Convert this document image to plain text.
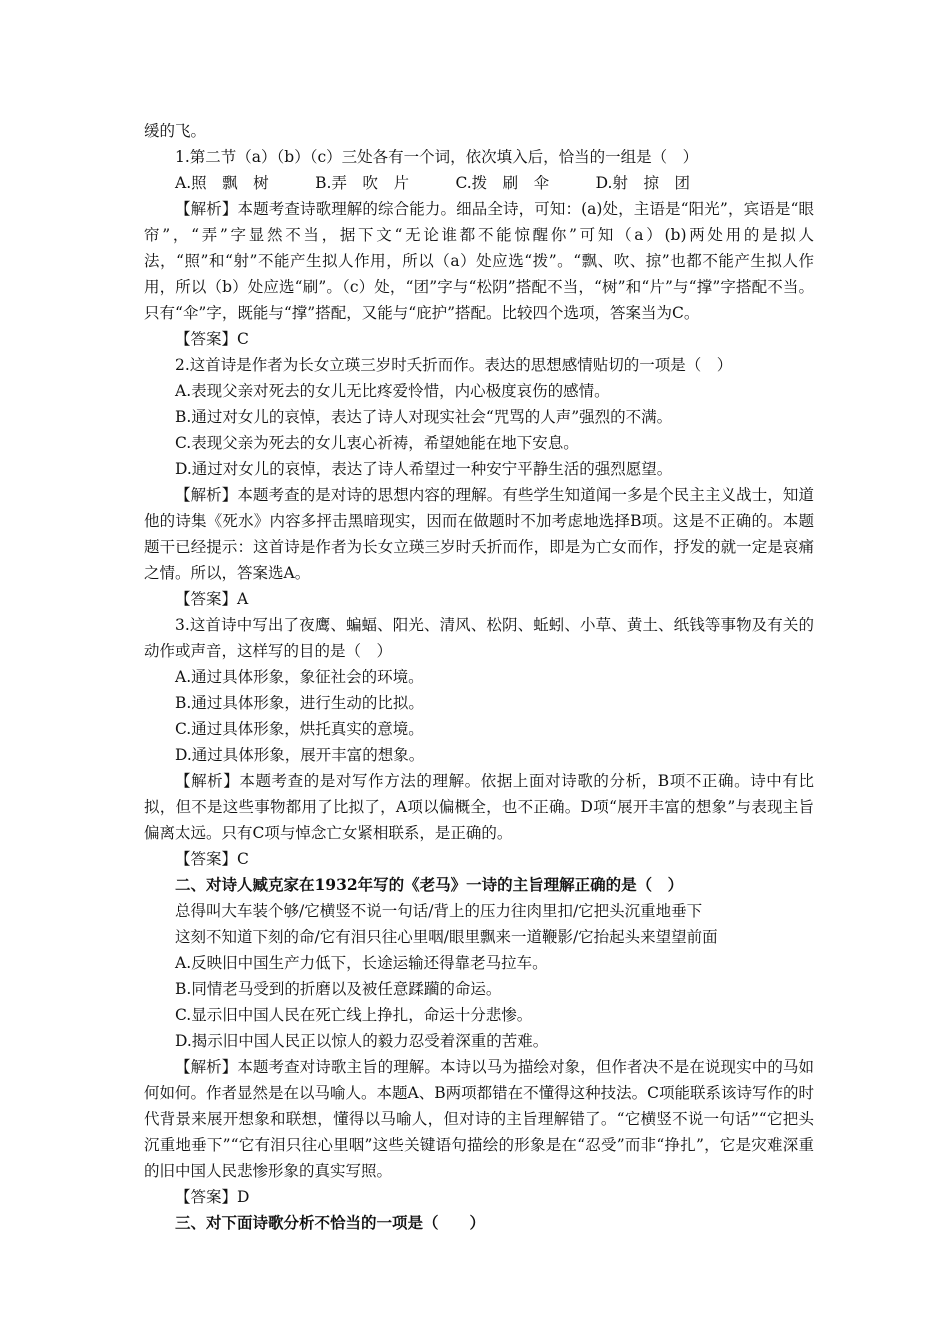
缓的飞。

1.第二节（a）（b）（c）三处各有一个词，依次填入后，恰当的一组是（　）

A.照　飘　树　　　B.弄　吹　片　　　C.拨　刷　伞　　　D.射　掠　团

【解析】本题考查诗歌理解的综合能力。细品全诗，可知：(a)处，主语是“阳光”，宾语是“眼帘”，“弄”字显然不当，据下文“无论谁都不能惊醒你”可知（a）(b)两处用的是拟人法，“照”和“射”不能产生拟人作用，所以（a）处应选“拨”。“飘、吹、掠”也都不能产生拟人作用，所以（b）处应选“刷”。（c）处，“团”字与“松阴”搭配不当，“树”和“片”与“撑”字搭配不当。只有“伞”字，既能与“撑”搭配，又能与“庇护”搭配。比较四个选项，答案当为C。

【答案】C

2.这首诗是作者为长女立瑛三岁时夭折而作。表达的思想感情贴切的一项是（　）

A.表现父亲对死去的女儿无比疼爱怜惜，内心极度哀伤的感情。

B.通过对女儿的哀悼，表达了诗人对现实社会“咒骂的人声”强烈的不满。

C.表现父亲为死去的女儿衷心祈祷，希望她能在地下安息。

D.通过对女儿的哀悼，表达了诗人希望过一种安宁平静生活的强烈愿望。

【解析】本题考查的是对诗的思想内容的理解。有些学生知道闻一多是个民主主义战士，知道他的诗集《死水》内容多抨击黑暗现实，因而在做题时不加考虑地选择B项。这是不正确的。本题题干已经提示：这首诗是作者为长女立瑛三岁时夭折而作，即是为亡女而作，抒发的就一定是哀痛之情。所以，答案选A。

【答案】A

3.这首诗中写出了夜鹰、蝙蝠、阳光、清风、松阴、蚯蚓、小草、黄土、纸钱等事物及有关的动作或声音，这样写的目的是（　）

A.通过具体形象，象征社会的环境。

B.通过具体形象，进行生动的比拟。

C.通过具体形象，烘托真实的意境。

D.通过具体形象，展开丰富的想象。

【解析】本题考查的是对写作方法的理解。依据上面对诗歌的分析，B项不正确。诗中有比拟，但不是这些事物都用了比拟了，A项以偏概全，也不正确。D项“展开丰富的想象”与表现主旨偏离太远。只有C项与悼念亡女紧相联系，是正确的。

【答案】C

二、对诗人臧克家在1932年写的《老马》一诗的主旨理解正确的是（　）

总得叫大车装个够/它横竖不说一句话/背上的压力往肉里扣/它把头沉重地垂下

这刻不知道下刻的命/它有泪只往心里咽/眼里飘来一道鞭影/它抬起头来望望前面

A.反映旧中国生产力低下，长途运输还得靠老马拉车。

B.同情老马受到的折磨以及被任意蹂躏的命运。

C.显示旧中国人民在死亡线上挣扎，命运十分悲惨。

D.揭示旧中国人民正以惊人的毅力忍受着深重的苦难。

【解析】本题考查对诗歌主旨的理解。本诗以马为描绘对象，但作者决不是在说现实中的马如何如何。作者显然是在以马喻人。本题A、B两项都错在不懂得这种技法。C项能联系该诗写作的时代背景来展开想象和联想，懂得以马喻人，但对诗的主旨理解错了。“它横竖不说一句话”“它把头沉重地垂下”“它有泪只往心里咽”这些关键语句描绘的形象是在“忍受”而非“挣扎”，它是灾难深重的旧中国人民悲惨形象的真实写照。

【答案】D

三、对下面诗歌分析不恰当的一项是（　　）
